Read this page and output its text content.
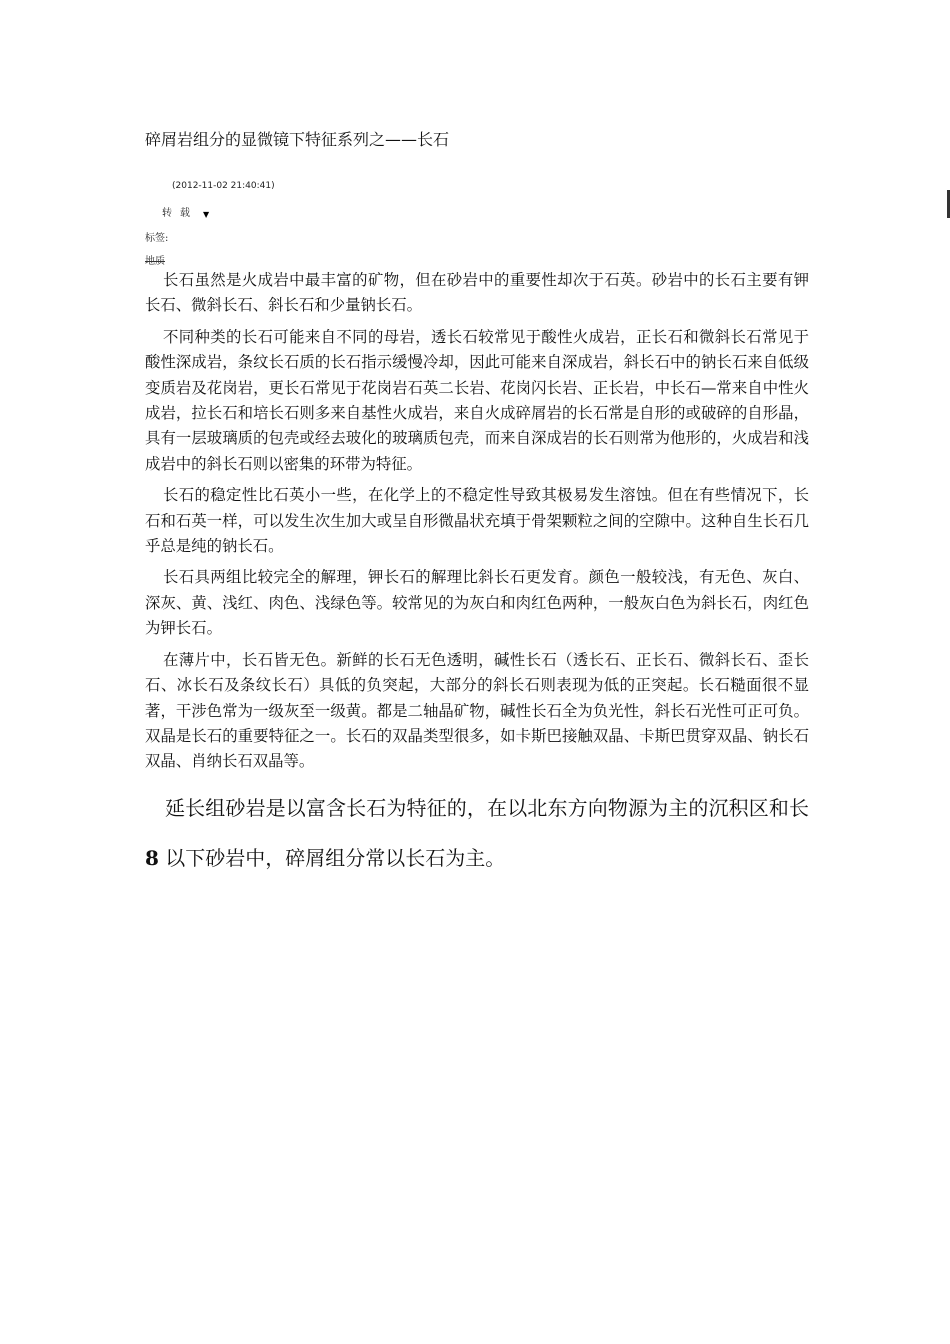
碎屑岩组分的显微镜下特征系列之——长石
(2012-11-02 21:40:41)
转载 ▼
标签:
地质

长石虽然是火成岩中最丰富的矿物，但在砂岩中的重要性却次于石英。砂岩中的长石主要有钾长石、微斜长石、斜长石和少量钠长石。

不同种类的长石可能来自不同的母岩，透长石较常见于酸性火成岩，正长石和微斜长石常见于酸性深成岩，条纹长石质的长石指示缓慢冷却，因此可能来自深成岩，斜长石中的钠长石来自低级变质岩及花岗岩，更长石常见于花岗岩石英二长岩、花岗闪长岩、正长岩，中长石—常来自中性火成岩，拉长石和培长石则多来自基性火成岩，来自火成碎屑岩的长石常是自形的或破碎的自形晶，具有一层玻璃质的包壳或经去玻化的玻璃质包壳，而来自深成岩的长石则常为他形的，火成岩和浅成岩中的斜长石则以密集的环带为特征。

长石的稳定性比石英小一些，在化学上的不稳定性导致其极易发生溶蚀。但在有些情况下，长石和石英一样，可以发生次生加大或呈自形微晶状充填于骨架颗粒之间的空隙中。这种自生长石几乎总是纯的钠长石。

长石具两组比较完全的解理，钾长石的解理比斜长石更发育。颜色一般较浅，有无色、灰白、深灰、黄、浅红、肉色、浅绿色等。较常见的为灰白和肉红色两种，一般灰白色为斜长石，肉红色为钾长石。

在薄片中，长石皆无色。新鲜的长石无色透明，碱性长石（透长石、正长石、微斜长石、歪长石、冰长石及条纹长石）具低的负突起，大部分的斜长石则表现为低的正突起。长石糙面很不显著，干涉色常为一级灰至一级黄。都是二轴晶矿物，碱性长石全为负光性，斜长石光性可正可负。双晶是长石的重要特征之一。长石的双晶类型很多，如卡斯巴接触双晶、卡斯巴贯穿双晶、钠长石双晶、肖纳长石双晶等。

延长组砂岩是以富含长石为特征的，在以北东方向物源为主的沉积区和长8 以下砂岩中，碎屑组分常以长石为主。
